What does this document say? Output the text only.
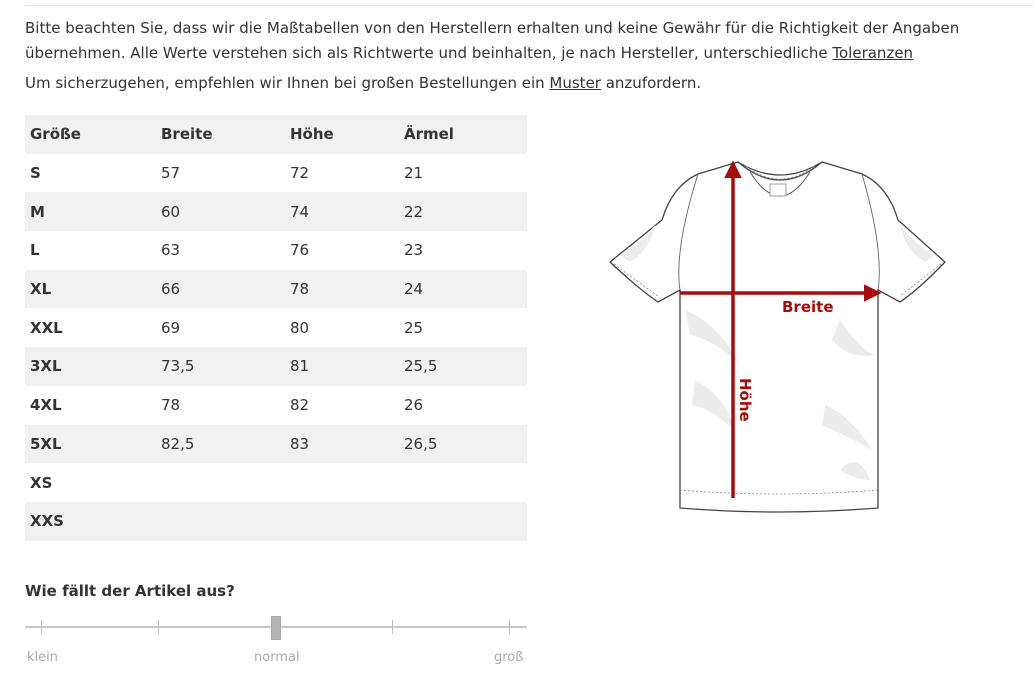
Bitte beachten Sie, dass wir die Maßtabellen von den Herstellern erhalten und keine Gewähr für die Richtigkeit der Angaben übernehmen. Alle Werte verstehen sich als Richtwerte und beinhalten, je nach Hersteller, unterschiedliche Toleranzen

Um sicherzugehen, empfehlen wir Ihnen bei großen Bestellungen ein Muster anzufordern.

Größe	Breite	Höhe	Ärmel
S	57	72	21
M	60	74	22
L	63	76	23
XL	66	78	24
XXL	69	80	25
3XL	73,5	81	25,5
4XL	78	82	26
5XL	82,5	83	26,5
XS			
XXS			
Breite
Höhe
Wie fällt der Artikel aus?
klein	normal	groß
